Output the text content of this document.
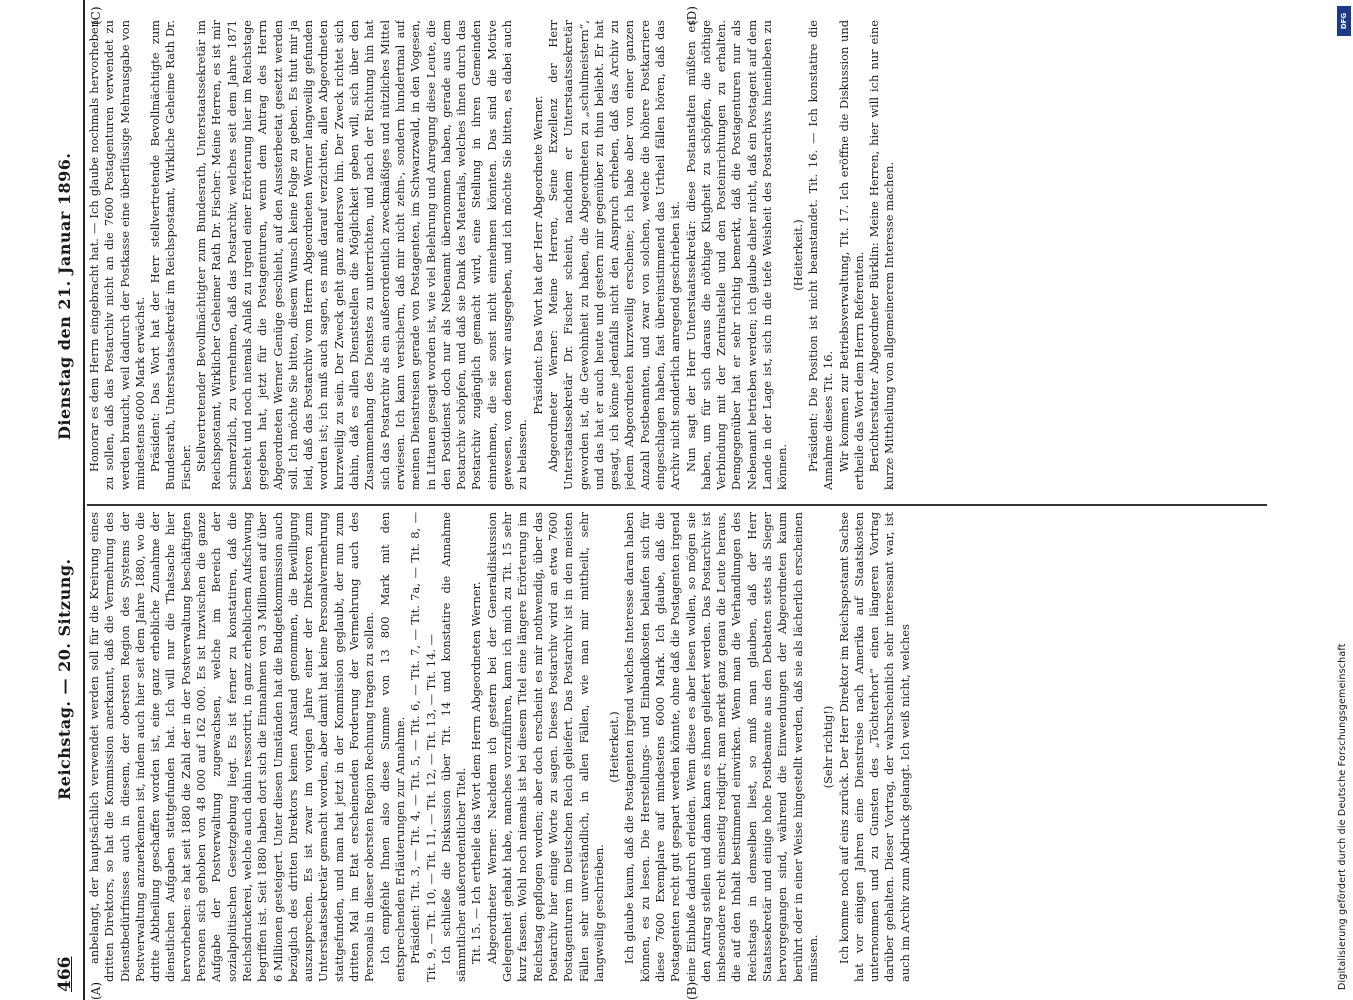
466
Reichstag. — 20. Sitzung.
Dienstag den 21. Januar 1896.

anbelangt, der hauptsächlich verwendet werden soll für die Kreirung eines dritten Direktors, so hat die Kommission anerkannt, daß die Vermehrung des Dienstbedürfnisses auch in diesem, der obersten Region des Systems der Postverwaltung anzuerkennen ist, indem auch hier seit dem Jahre 1880, wo die dritte Abtheilung geschaffen worden ist, eine ganz erhebliche Zunahme der dienstlichen Aufgaben stattgefunden hat. Ich will nur die Thatsache hier hervorheben: es hat seit 1880 die Zahl der in der Postverwaltung beschäftigten Personen sich gehoben von 48 000 auf 162 000. Es ist inzwischen die ganze Aufgabe der Postverwaltung zugewachsen, welche im Bereich der sozialpolitischen Gesetzgebung liegt. Es ist ferner zu konstatiren, daß die Reichsdruckerei, welche auch dahin ressortirt, in ganz erheblichem Aufschwung begriffen ist. Seit 1880 haben dort sich die Einnahmen von 3 Millionen auf über 6 Millionen gesteigert. Unter diesen Umständen hat die Budgetkommission auch bezüglich des dritten Direktors keinen Anstand genommen, die Bewilligung auszusprechen. Es ist zwar im vorigen Jahre einer der Direktoren zum Unterstaatssekretär gemacht worden, aber damit hat keine Personalvermehrung stattgefunden, und man hat jetzt in der Kommission geglaubt, der nun zum dritten Mal im Etat erscheinenden Forderung der Vermehrung auch des Personals in dieser obersten Region Rechnung tragen zu sollen. Ich empfehle Ihnen also diese Summe von 13 800 Mark mit den entsprechenden Erläuterungen zur Annahme. Präsident: Tit. 3, — Tit. 4, — Tit. 5, — Tit. 6, — Tit. 7, — Tit. 7a, — Tit. 8, — Tit. 9, — Tit. 10, — Tit. 11, — Tit. 12, — Tit. 13, — Tit. 14. — Ich schließe die Diskussion über Tit. 14 und konstatire die Annahme sämmtlicher außerordentlicher Titel. Tit. 15. — Ich ertheile das Wort dem Herrn Abgeordneten Werner. Abgeordneter Werner: Nachdem ich gestern bei der Generaldiskussion Gelegenheit gehabt habe, manches vorzuführen, kann ich mich zu Tit. 15 sehr kurz fassen. Wohl noch niemals ist bei diesem Titel eine längere Erörterung im Reichstag gepflogen worden; aber doch erscheint es mir nothwendig, über das Postarchiv hier einige Worte zu sagen. Dieses Postarchiv wird an etwa 7600 Postagenturen im Deutschen Reich geliefert. Das Postarchiv ist in den meisten Fällen sehr unverständlich, in allen Fällen, wie man mir mittheilt, sehr langweilig geschrieben.

(Heiterkeit.) Ich glaube kaum, daß die Postagenten irgend welches Interesse daran haben können, es zu lesen. Die Herstellungs- und Einbandkosten belaufen sich für diese 7600 Exemplare auf mindestens 6000 Mark. Ich glaube, daß die Postagenten recht gut gespart werden könnte, ohne daß die Postagenten irgend eine Einbuße dadurch erleiden. Wenn diese es aber lesen wollen, so mögen sie den Antrag stellen und dann kann es ihnen geliefert werden. Das Postarchiv ist insbesondere recht einseitig redigirt; man merkt ganz genau die Leute heraus, die auf den Inhalt bestimmend einwirken. Wenn man die Verhandlungen des Reichstags in demselben liest, so muß man glauben, daß der Herr Staatssekretär und einige hohe Postbeamte aus den Debatten stets als Sieger hervorgegangen sind, während die Einwendungen der Abgeordneten kaum berührt oder in einer Weise hingestellt werden, daß sie als lächerlich erscheinen müssen.

(Sehr richtig!) Ich komme noch auf eins zurück. Der Herr Direktor im Reichspostamt Sachse hat vor einigen Jahren eine Dienstreise nach Amerika auf Staatskosten unternommen und zu Gunsten des „Töchterhort“ einen längeren Vortrag darüber gehalten. Dieser Vortrag, der wahrscheinlich sehr interessant war, ist auch im Archiv zum Abdruck gelangt. Ich weiß nicht, welches

Honorar es dem Herrn eingebracht hat. — Ich glaube nochmals hervorheben zu sollen, daß das Postarchiv nicht an die 7600 Postagenturen verwendet zu werden braucht, weil dadurch der Postkasse eine überflüssige Mehrausgabe von mindestens 6000 Mark erwächst. Präsident: Das Wort hat der Herr stellvertretende Bevollmächtigte zum Bundesrath, Unterstaatssekretär im Reichspostamt, Wirkliche Geheime Rath Dr. Fischer. Stellvertretender Bevollmächtigter zum Bundesrath, Unterstaatssekretär im Reichspostamt, Wirklicher Geheimer Rath Dr. Fischer: Meine Herren, es ist mir schmerzlich, zu vernehmen, daß das Postarchiv, welches seit dem Jahre 1871 besteht und noch niemals Anlaß zu irgend einer Erörterung hier im Reichstage gegeben hat, jetzt für die Postagenturen, wenn dem Antrag des Herrn Abgeordneten Werner Genüge geschieht, auf den Aussterbeetat gesetzt werden soll. Ich möchte Sie bitten, diesem Wunsch keine Folge zu geben. Es thut mir ja leid, daß das Postarchiv vom Herrn Abgeordneten Werner langweilig gefunden worden ist; ich muß auch sagen, es muß darauf verzichten, allen Abgeordneten kurzweilig zu sein. Der Zweck geht ganz anderswo hin. Der Zweck richtet sich dahin, daß es allen Dienststellen die Möglichkeit geben will, sich über den Zusammenhang des Dienstes zu unterrichten, und nach der Richtung hin hat sich das Postarchiv als ein außerordentlich zweckmäßiges und nützliches Mittel erwiesen. Ich kann versichern, daß mir nicht zehn-, sondern hundertmal auf meinen Dienstreisen gerade von Postagenten, im Schwarzwald, in den Vogesen, in Littauen gesagt worden ist, wie viel Belehrung und Anregung diese Leute, die den Postdienst doch nur als Nebenamt übernommen haben, gerade aus dem Postarchiv schöpfen, und daß sie Dank des Materials, welches ihnen durch das Postarchiv zugänglich gemacht wird, eine Stellung in ihren Gemeinden einnehmen, die sie sonst nicht einnehmen könnten. Das sind die Motive gewesen, von denen wir ausgegeben, und ich möchte Sie bitten, es dabei auch zu belassen.

Präsident: Das Wort hat der Herr Abgeordnete Werner. Abgeordneter Werner: Meine Herren, Seine Exzellenz der Herr Unterstaatssekretär Dr. Fischer scheint, nachdem er Unterstaatssekretär geworden ist, die Gewohnheit zu haben, die Abgeordneten zu „schulmeistern“, und das hat er auch heute und gestern mir gegenüber zu thun beliebt. Er hat gesagt, ich könne jedenfalls nicht den Anspruch erheben, daß das Archiv zu jedem Abgeordneten kurzweilig erscheine; ich habe aber von einer ganzen Anzahl Postbeamten, und zwar von solchen, welche die höhere Postkarriere eingeschlagen haben, fast übereinstimmend das Urtheil fällen hören, daß das Archiv nicht sonderlich anregend geschrieben ist. Nun sagt der Herr Unterstaatssekretär: diese Postanstalten müßten es haben, um für sich daraus die nöthige Klugheit zu schöpfen, die nöthige Verbindung mit der Zentralstelle und den Posteinrichtungen zu erhalten. Demgegenüber hat er sehr richtig bemerkt, daß die Postagenturen nur als Nebenamt betrieben werden; ich glaube daher nicht, daß ein Postagent auf dem Lande in der Lage ist, sich in die tiefe Weisheit des Postarchivs hineinleben zu können.

(Heiterkeit.) Präsident: Die Position ist nicht beanstandet. Tit. 16. — Ich konstatire die Annahme dieses Tit. 16. Wir kommen zur Betriebsverwaltung, Tit. 17. Ich eröffne die Diskussion und ertheile das Wort dem Herrn Referenten. Berichterstatter Abgeordneter Bürklin: Meine Herren, hier will ich nur eine kurze Mittheilung von allgemeinerem Interesse machen.

(A)	(B)
(C)	(D)	DFG
Digitalisierung gefördert durch die Deutsche Forschungsgemeinschaft
